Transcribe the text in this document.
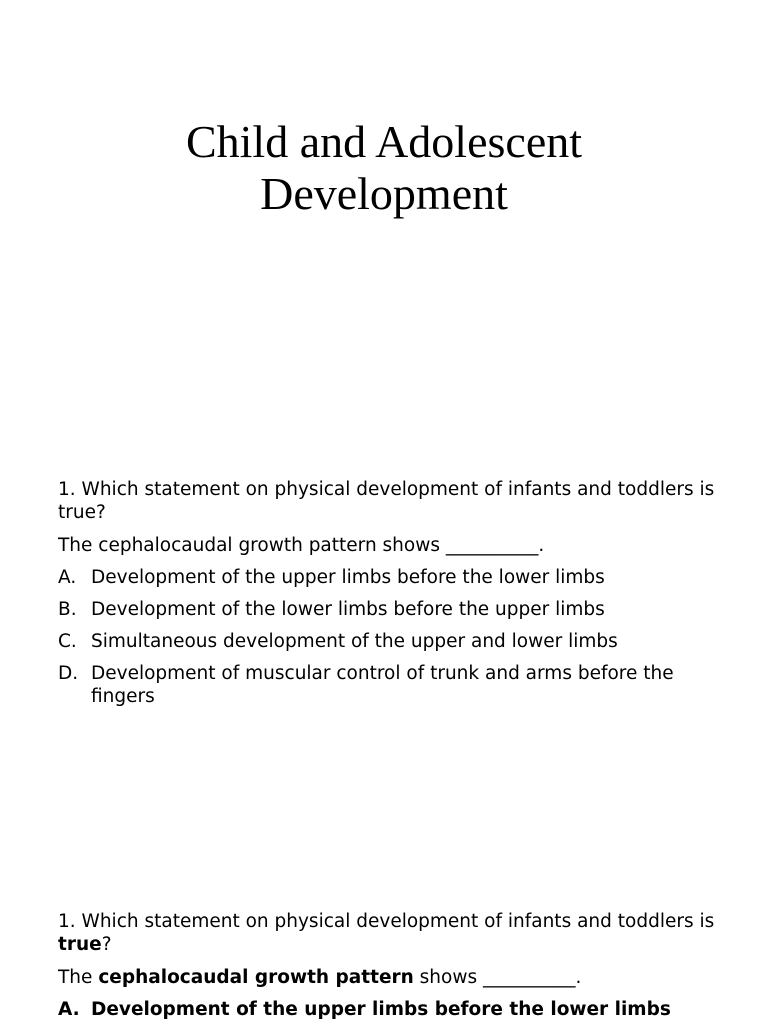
Child and Adolescent
Development

1. Which statement on physical development of infants and toddlers is true?

The cephalocaudal growth pattern shows __________.

A. Development of the upper limbs before the lower limbs
B. Development of the lower limbs before the upper limbs
C. Simultaneous development of the upper and lower limbs
D. Development of muscular control of trunk and arms before the fingers

1. Which statement on physical development of infants and toddlers is true?

The cephalocaudal growth pattern shows __________.

A. Development of the upper limbs before the lower limbs
